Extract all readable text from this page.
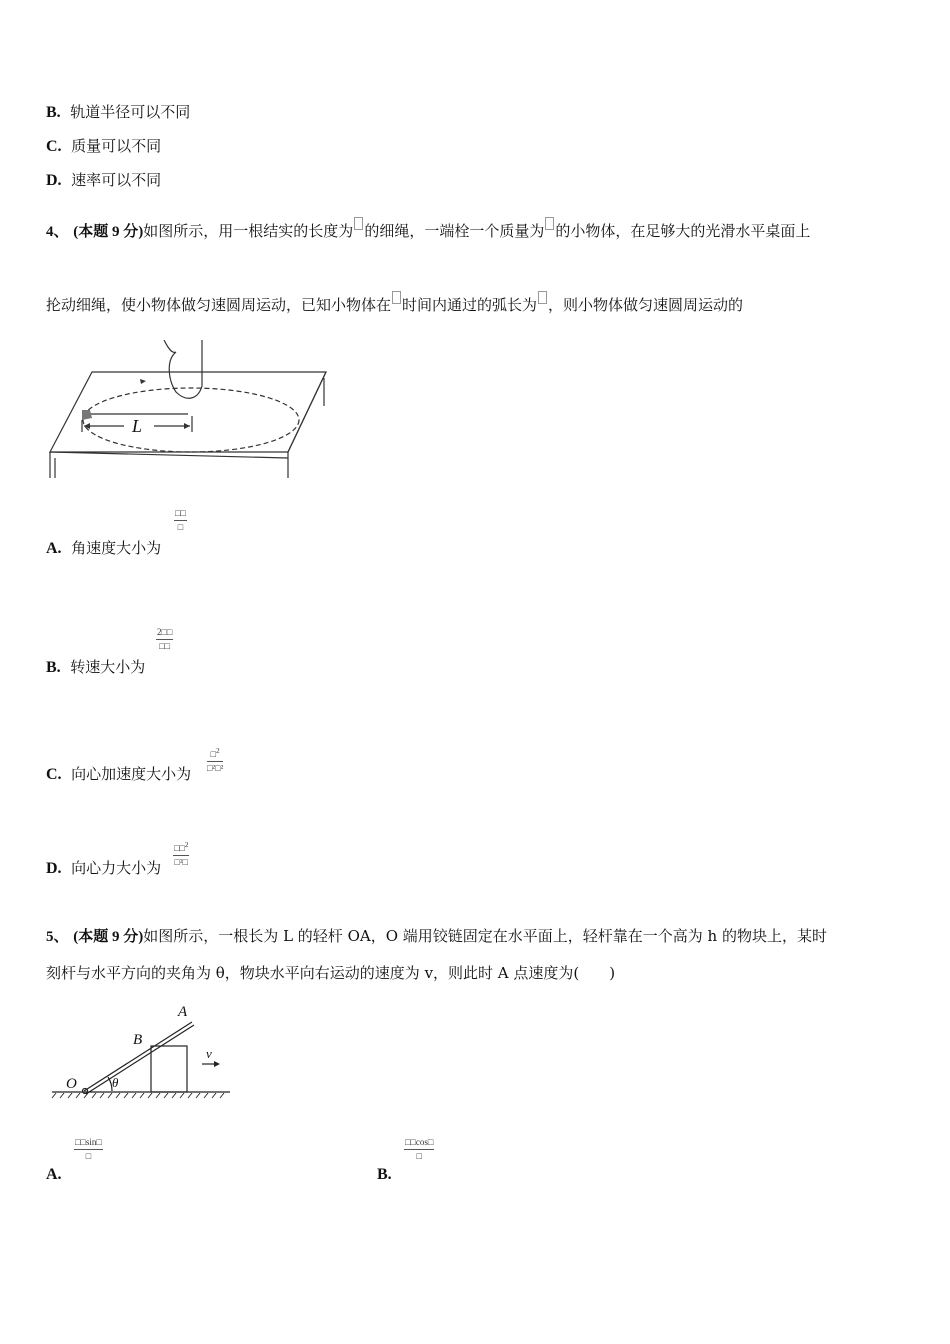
B. 轨道半径可以不同
C. 质量可以不同
D. 速率可以不同
4、 (本题 9 分)如图所示，用一根结实的长度为 的细绳，一端栓一个质量为 的小物体，在足够大的光滑水平桌面上
抡动细绳，使小物体做匀速圆周运动，已知小物体在 时间内通过的弧长为 ，则小物体做匀速圆周运动的
L
A. 角速度大小为
□□
□
B. 转速大小为
2□□
□□
C. 向心加速度大小为
□$^2$
□²□²
D. 向心力大小为
□□$^2$
□²□
5、 (本题 9 分)如图所示，一根长为 L 的轻杆 OA，O 端用铰链固定在水平面上，轻杆靠在一个高为 h 的物块上，某时
刻杆与水平方向的夹角为 θ，物块水平向右运动的速度为 v，则此时 A 点速度为(　　)
A
B
O	θ
v
A.
□□sin□
□
B.
□□cos□
□
